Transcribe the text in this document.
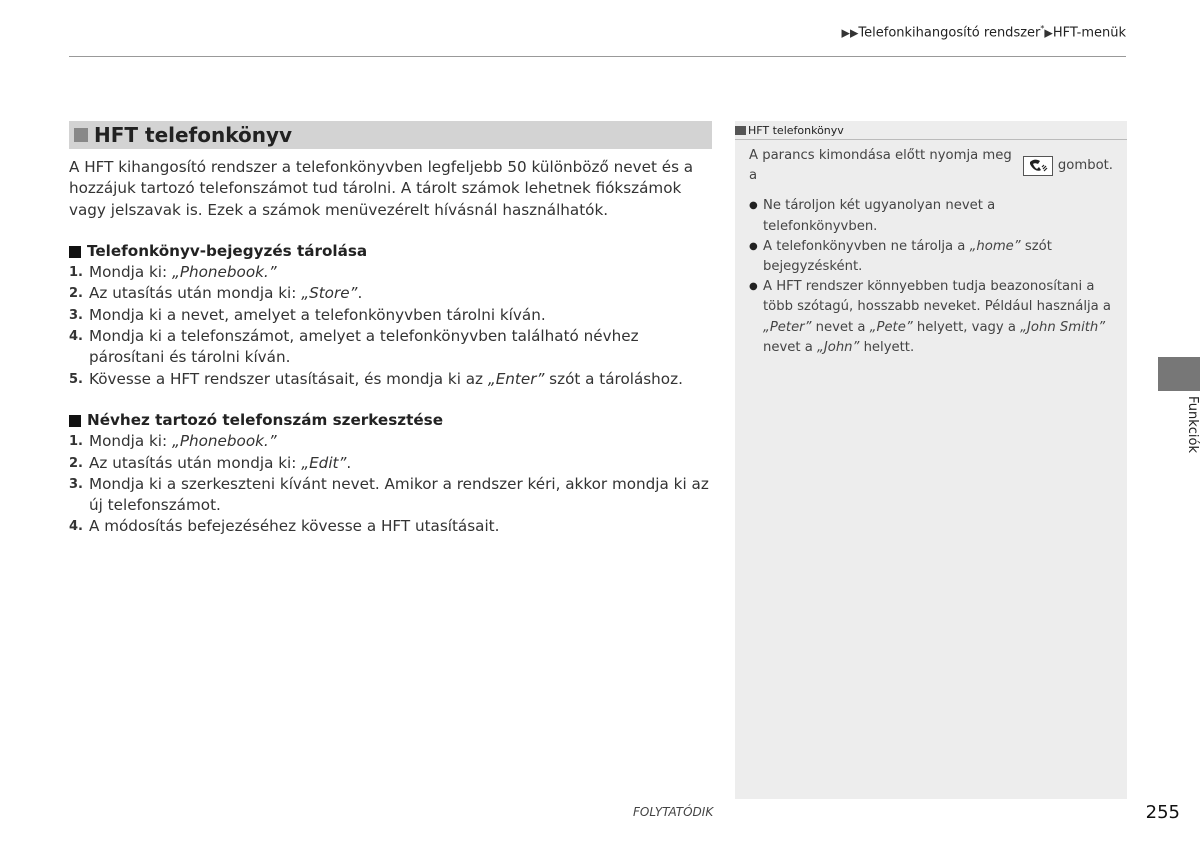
▶▶Telefonkihangosító rendszer*▶HFT-menük
HFT telefonkönyv

A HFT kihangosító rendszer a telefonkönyvben legfeljebb 50 különböző nevet és a hozzájuk tartozó telefonszámot tud tárolni. A tárolt számok lehetnek fiókszámok vagy jelszavak is. Ezek a számok menüvezérelt hívásnál használhatók.

Telefonkönyv-bejegyzés tárolása
1. Mondja ki: „Phonebook.”
2. Az utasítás után mondja ki: „Store”.
3. Mondja ki a nevet, amelyet a telefonkönyvben tárolni kíván.
4. Mondja ki a telefonszámot, amelyet a telefonkönyvben található névhez párosítani és tárolni kíván.
5. Kövesse a HFT rendszer utasításait, és mondja ki az „Enter” szót a tároláshoz.
Névhez tartozó telefonszám szerkesztése
1. Mondja ki: „Phonebook.”
2. Az utasítás után mondja ki: „Edit”.
3. Mondja ki a szerkeszteni kívánt nevet. Amikor a rendszer kéri, akkor mondja ki az új telefonszámot.
4. A módosítás befejezéséhez kövesse a HFT utasításait.
HFT telefonkönyv

A parancs kimondása előtt nyomja meg a
gombot.

● Ne tároljon két ugyanolyan nevet a telefonkönyvben.
● A telefonkönyvben ne tárolja a „home” szót bejegyzésként.
● A HFT rendszer könnyebben tudja beazonosítani a több szótagú, hosszabb neveket. Például használja a „Peter” nevet a „Pete” helyett, vagy a „John Smith” nevet a „John” helyett.
Funkciók
FOLYTATÓDIK	255
